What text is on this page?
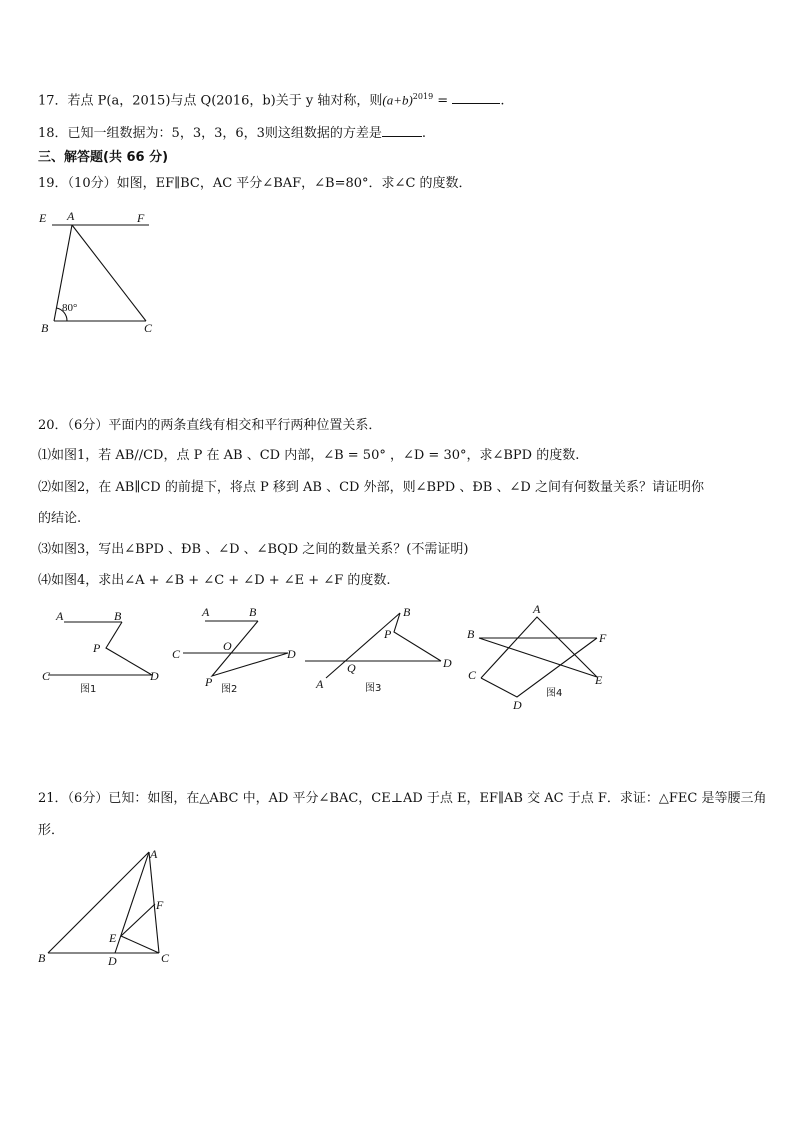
17．若点 P(a，2015)与点 Q(2016，b)关于 y 轴对称，则$(a+b)^{2019}$ =	.
18．已知一组数据为：5，3，3，6，3则这组数据的方差是	.
三、解答题(共 66 分)
19．（10分）如图，EF∥BC，AC 平分∠BAF，∠B=80°．求∠C 的度数．
E A	F
B	C
80°
20．（6分）平面内的两条直线有相交和平行两种位置关系．
⑴如图1，若 AB//CD，点 P 在 AB 、CD 内部，∠B = 50° ，∠D = 30°，求∠BPD 的度数.
⑵如图2，在 AB∥CD 的前提下，将点 P 移到 AB 、CD 外部，则∠BPD 、ÐB 、∠D 之间有何数量关系？请证明你
的结论.
⑶如图3，写出∠BPD 、ÐB 、∠D 、∠BQD 之间的数量关系？(不需证明)
⑷如图4，求出∠A + ∠B + ∠C + ∠D + ∠E + ∠F 的度数.
A	B
P
C	D
图1
A	B
O
C	D
P
图2
B
P
Q	D
A	图3
A
B	F
C	E
D
图4
21．（6分）已知：如图，在△ABC 中，AD 平分∠BAC，CE⊥AD 于点 E，EF∥AB 交 AC 于点 F．求证：△FEC 是等腰三角
形．
A
F
E
B	D	C
